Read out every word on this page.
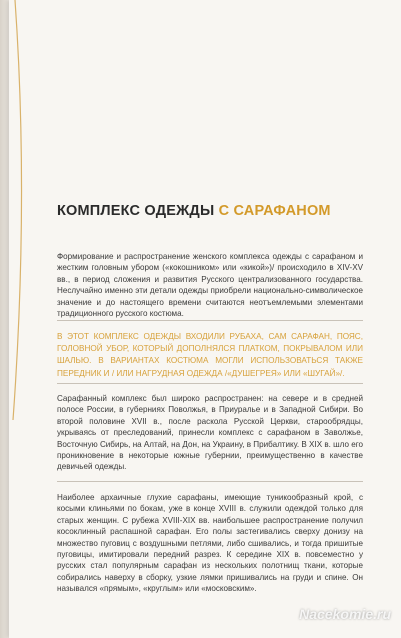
КОМПЛЕКС ОДЕЖДЫ С САРАФАНОМ
Формирование и распространение женского комплекса одежды с сарафаном и жестким головным убором («кокошником» или «кикой»)/ происходило в XIV-XV вв., в период сложения и развития Русского централизованного государства. Неслучайно именно эти детали одежды приобрели национально-символическое значение и до настоящего времени считаются неотъемлемыми элементами традиционного русского костюма.
В ЭТОТ КОМПЛЕКС ОДЕЖДЫ ВХОДИЛИ РУБАХА, САМ САРАФАН, ПОЯС, ГОЛОВНОЙ УБОР, КОТОРЫЙ ДОПОЛНЯЛСЯ ПЛАТКОМ, ПОКРЫВАЛОМ ИЛИ ШАЛЬЮ. В ВАРИАНТАХ КОСТЮМА МОГЛИ ИСПОЛЬЗОВАТЬСЯ ТАКЖЕ ПЕРЕДНИК И / ИЛИ НАГРУДНАЯ ОДЕЖДА /«ДУШЕГРЕЯ» ИЛИ «ШУГАЙ»/.
Сарафанный комплекс был широко распространен: на севере и в средней полосе России, в губерниях Поволжья, в Приуралье и в Западной Сибири. Во второй половине XVII в., после раскола Русской Церкви, старообрядцы, укрываясь от преследований, принесли комплекс с сарафаном в Заволжье, Восточную Сибирь, на Алтай, на Дон, на Украину, в Прибалтику. В XIX в. шло его проникновение в некоторые южные губернии, преимущественно в качестве девичьей одежды.
Наиболее архаичные глухие сарафаны, имеющие туникообразный крой, с косыми клиньями по бокам, уже в конце XVIII в. служили одеждой только для старых женщин. С рубежа XVIII-XIX вв. наибольшее распространение получил косоклинный распашной сарафан. Его полы застегивались сверху донизу на множество пуговиц с воздушными петлями, либо сшивались, и тогда пришитые пуговицы, имитировали передний разрез. К середине XIX в. повсеместно у русских стал популярным сарафан из нескольких полотнищ ткани, которые собирались наверху в сборку, узкие лямки пришивались на груди и спине. Он назывался «прямым», «круглым» или «московским».
Nacekomie.ru
